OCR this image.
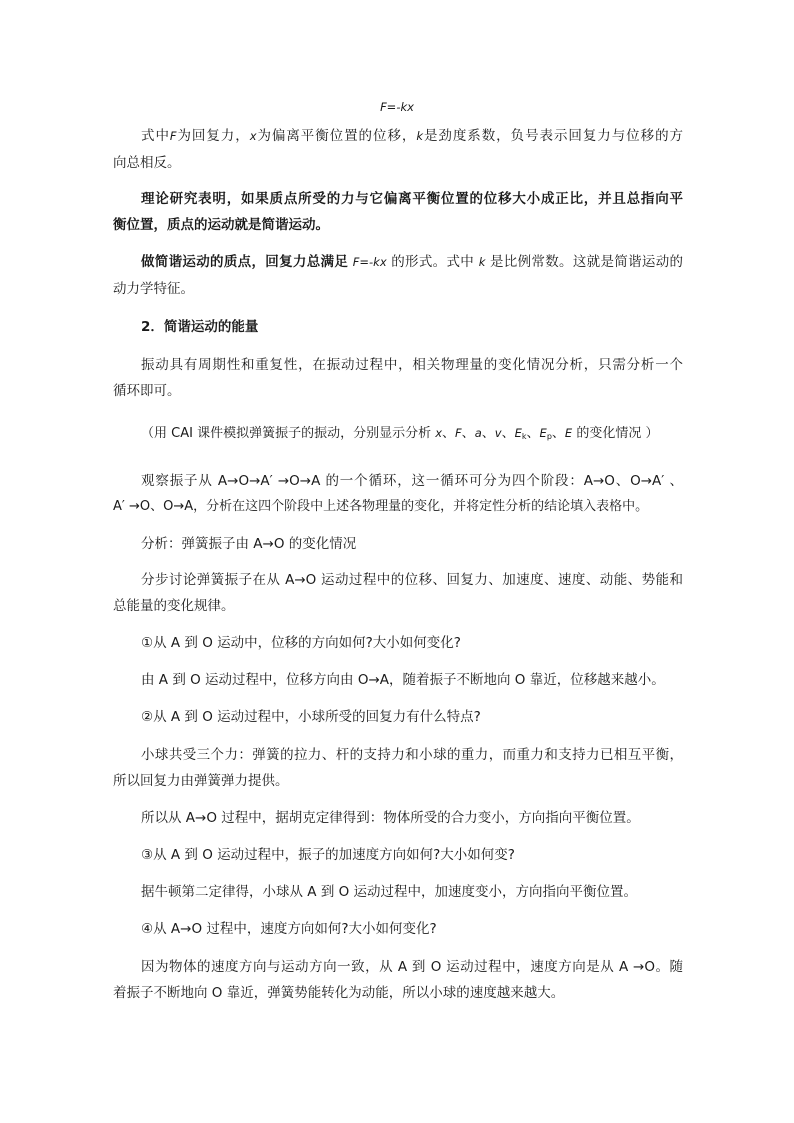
F=-kx
式中F为回复力，x为偏离平衡位置的位移，k是劲度系数，负号表示回复力与位移的方
向总相反。
理论研究表明，如果质点所受的力与它偏离平衡位置的位移大小成正比，并且总指向平
衡位置，质点的运动就是简谐运动。
做简谐运动的质点，回复力总满足 F=-kx 的形式。式中 k 是比例常数。这就是简谐运动的
动力学特征。
2．简谐运动的能量
振动具有周期性和重复性，在振动过程中，相关物理量的变化情况分析，只需分析一个
循环即可。
（用 CAI 课件模拟弹簧振子的振动，分别显示分析 x、F、a、v、$E_k$、$E_p$、E 的变化情况 ）
观察振子从 A→O→A′ →O→A 的一个循环，这一循环可分为四个阶段：A→O、O→A′ 、
A′ →O、O→A，分析在这四个阶段中上述各物理量的变化，并将定性分析的结论填入表格中。
分析：弹簧振子由 A→O 的变化情况
分步讨论弹簧振子在从 A→O 运动过程中的位移、回复力、加速度、速度、动能、势能和
总能量的变化规律。
①从 A 到 O 运动中，位移的方向如何?大小如何变化?
由 A 到 O 运动过程中，位移方向由 O→A，随着振子不断地向 O 靠近，位移越来越小。
②从 A 到 O 运动过程中，小球所受的回复力有什么特点?
小球共受三个力：弹簧的拉力、杆的支持力和小球的重力，而重力和支持力已相互平衡，
所以回复力由弹簧弹力提供。
所以从 A→O 过程中，据胡克定律得到：物体所受的合力变小，方向指向平衡位置。
③从 A 到 O 运动过程中，振子的加速度方向如何?大小如何变?
据牛顿第二定律得，小球从 A 到 O 运动过程中，加速度变小，方向指向平衡位置。
④从 A→O 过程中，速度方向如何?大小如何变化?
因为物体的速度方向与运动方向一致，从 A 到 O 运动过程中，速度方向是从 A →O。随
着振子不断地向 O 靠近，弹簧势能转化为动能，所以小球的速度越来越大。
